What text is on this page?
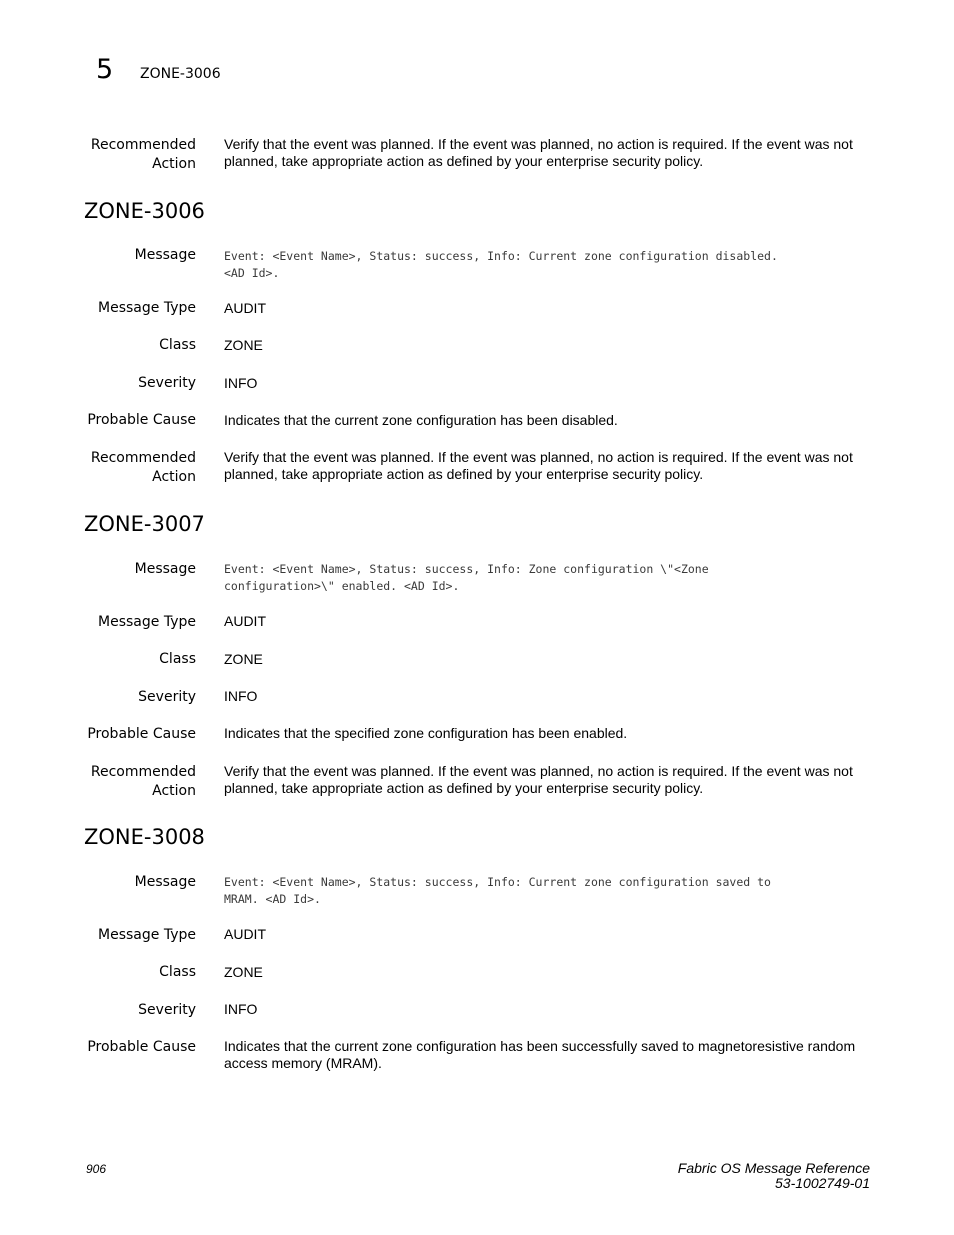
5 ZONE-3006
Recommended
Action
Verify that the event was planned. If the event was planned, no action is required. If the event was not planned, take appropriate action as defined by your enterprise security policy.
ZONE-3006
Message Event: <Event Name>, Status: success, Info: Current zone configuration disabled.
<AD Id>.
Message Type AUDIT
Class ZONE
Severity INFO
Probable Cause Indicates that the current zone configuration has been disabled.
Recommended
Action
Verify that the event was planned. If the event was planned, no action is required. If the event was not planned, take appropriate action as defined by your enterprise security policy.
ZONE-3007
Message Event: <Event Name>, Status: success, Info: Zone configuration \"<Zone
configuration>\" enabled. <AD Id>.
Message Type AUDIT
Class ZONE
Severity INFO
Probable Cause Indicates that the specified zone configuration has been enabled.
Recommended
Action
Verify that the event was planned. If the event was planned, no action is required. If the event was not planned, take appropriate action as defined by your enterprise security policy.
ZONE-3008
Message Event: <Event Name>, Status: success, Info: Current zone configuration saved to
MRAM. <AD Id>.
Message Type AUDIT
Class ZONE
Severity INFO
Probable Cause Indicates that the current zone configuration has been successfully saved to magnetoresistive random access memory (MRAM).
906	Fabric OS Message Reference
53-1002749-01
